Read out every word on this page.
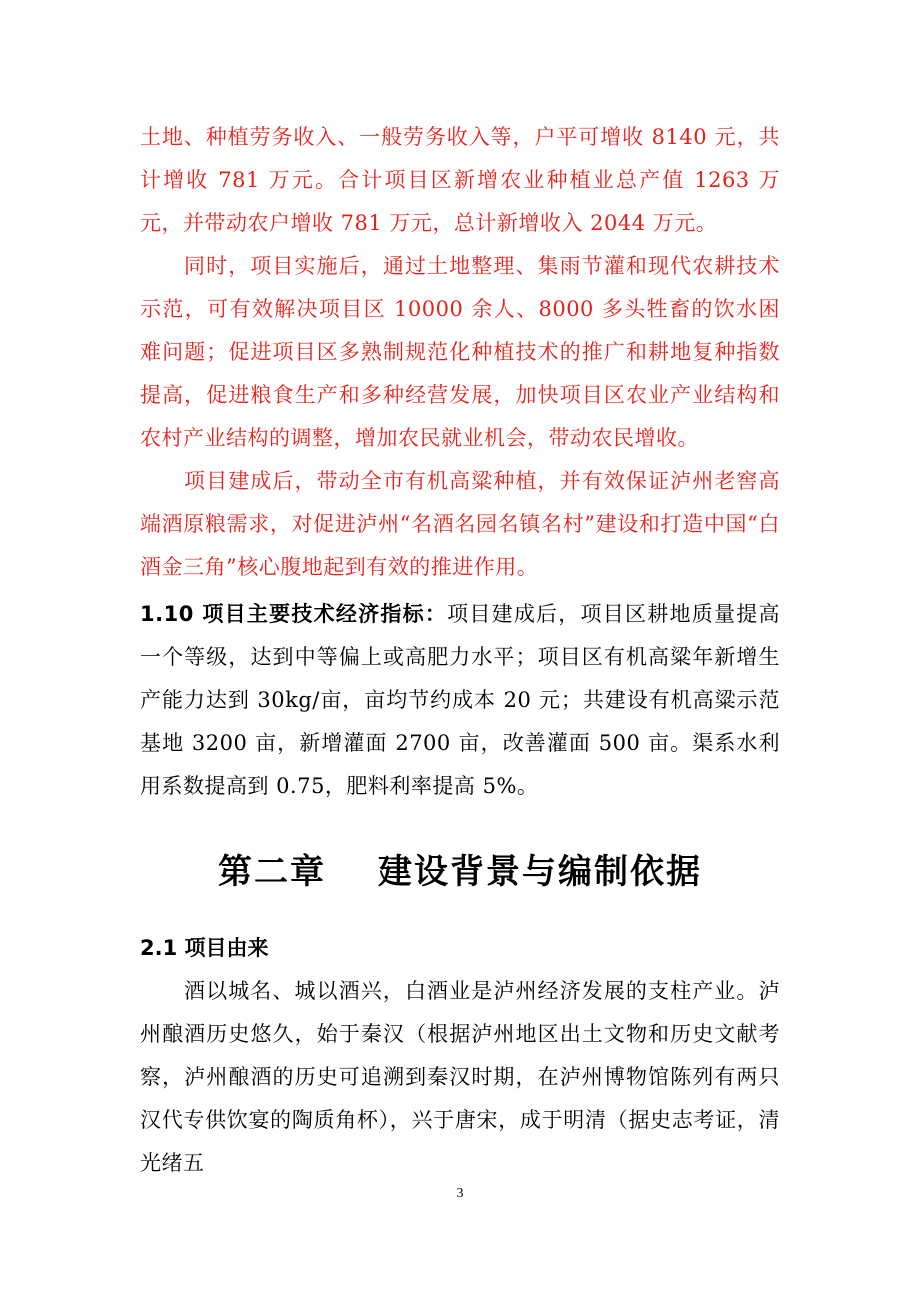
土地、种植劳务收入、一般劳务收入等，户平可增收 8140 元，共计增收 781 万元。合计项目区新增农业种植业总产值 1263 万元，并带动农户增收 781 万元，总计新增收入 2044 万元。

同时，项目实施后，通过土地整理、集雨节灌和现代农耕技术示范，可有效解决项目区 10000 余人、8000 多头牲畜的饮水困难问题；促进项目区多熟制规范化种植技术的推广和耕地复种指数提高，促进粮食生产和多种经营发展，加快项目区农业产业结构和农村产业结构的调整，增加农民就业机会，带动农民增收。

项目建成后，带动全市有机高粱种植，并有效保证泸州老窖高端酒原粮需求，对促进泸州“名酒名园名镇名村”建设和打造中国“白酒金三角”核心腹地起到有效的推进作用。

1.10 项目主要技术经济指标：项目建成后，项目区耕地质量提高一个等级，达到中等偏上或高肥力水平；项目区有机高粱年新增生产能力达到 30kg/亩，亩均节约成本 20 元；共建设有机高粱示范基地 3200 亩，新增灌面 2700 亩，改善灌面 500 亩。渠系水利用系数提高到 0.75，肥料利率提高 5%。

第二章 建设背景与编制依据
2.1 项目由来

酒以城名、城以酒兴，白酒业是泸州经济发展的支柱产业。泸州酿酒历史悠久，始于秦汉（根据泸州地区出土文物和历史文献考察，泸州酿酒的历史可追溯到秦汉时期，在泸州博物馆陈列有两只汉代专供饮宴的陶质角杯），兴于唐宋，成于明清（据史志考证，清光绪五

3
